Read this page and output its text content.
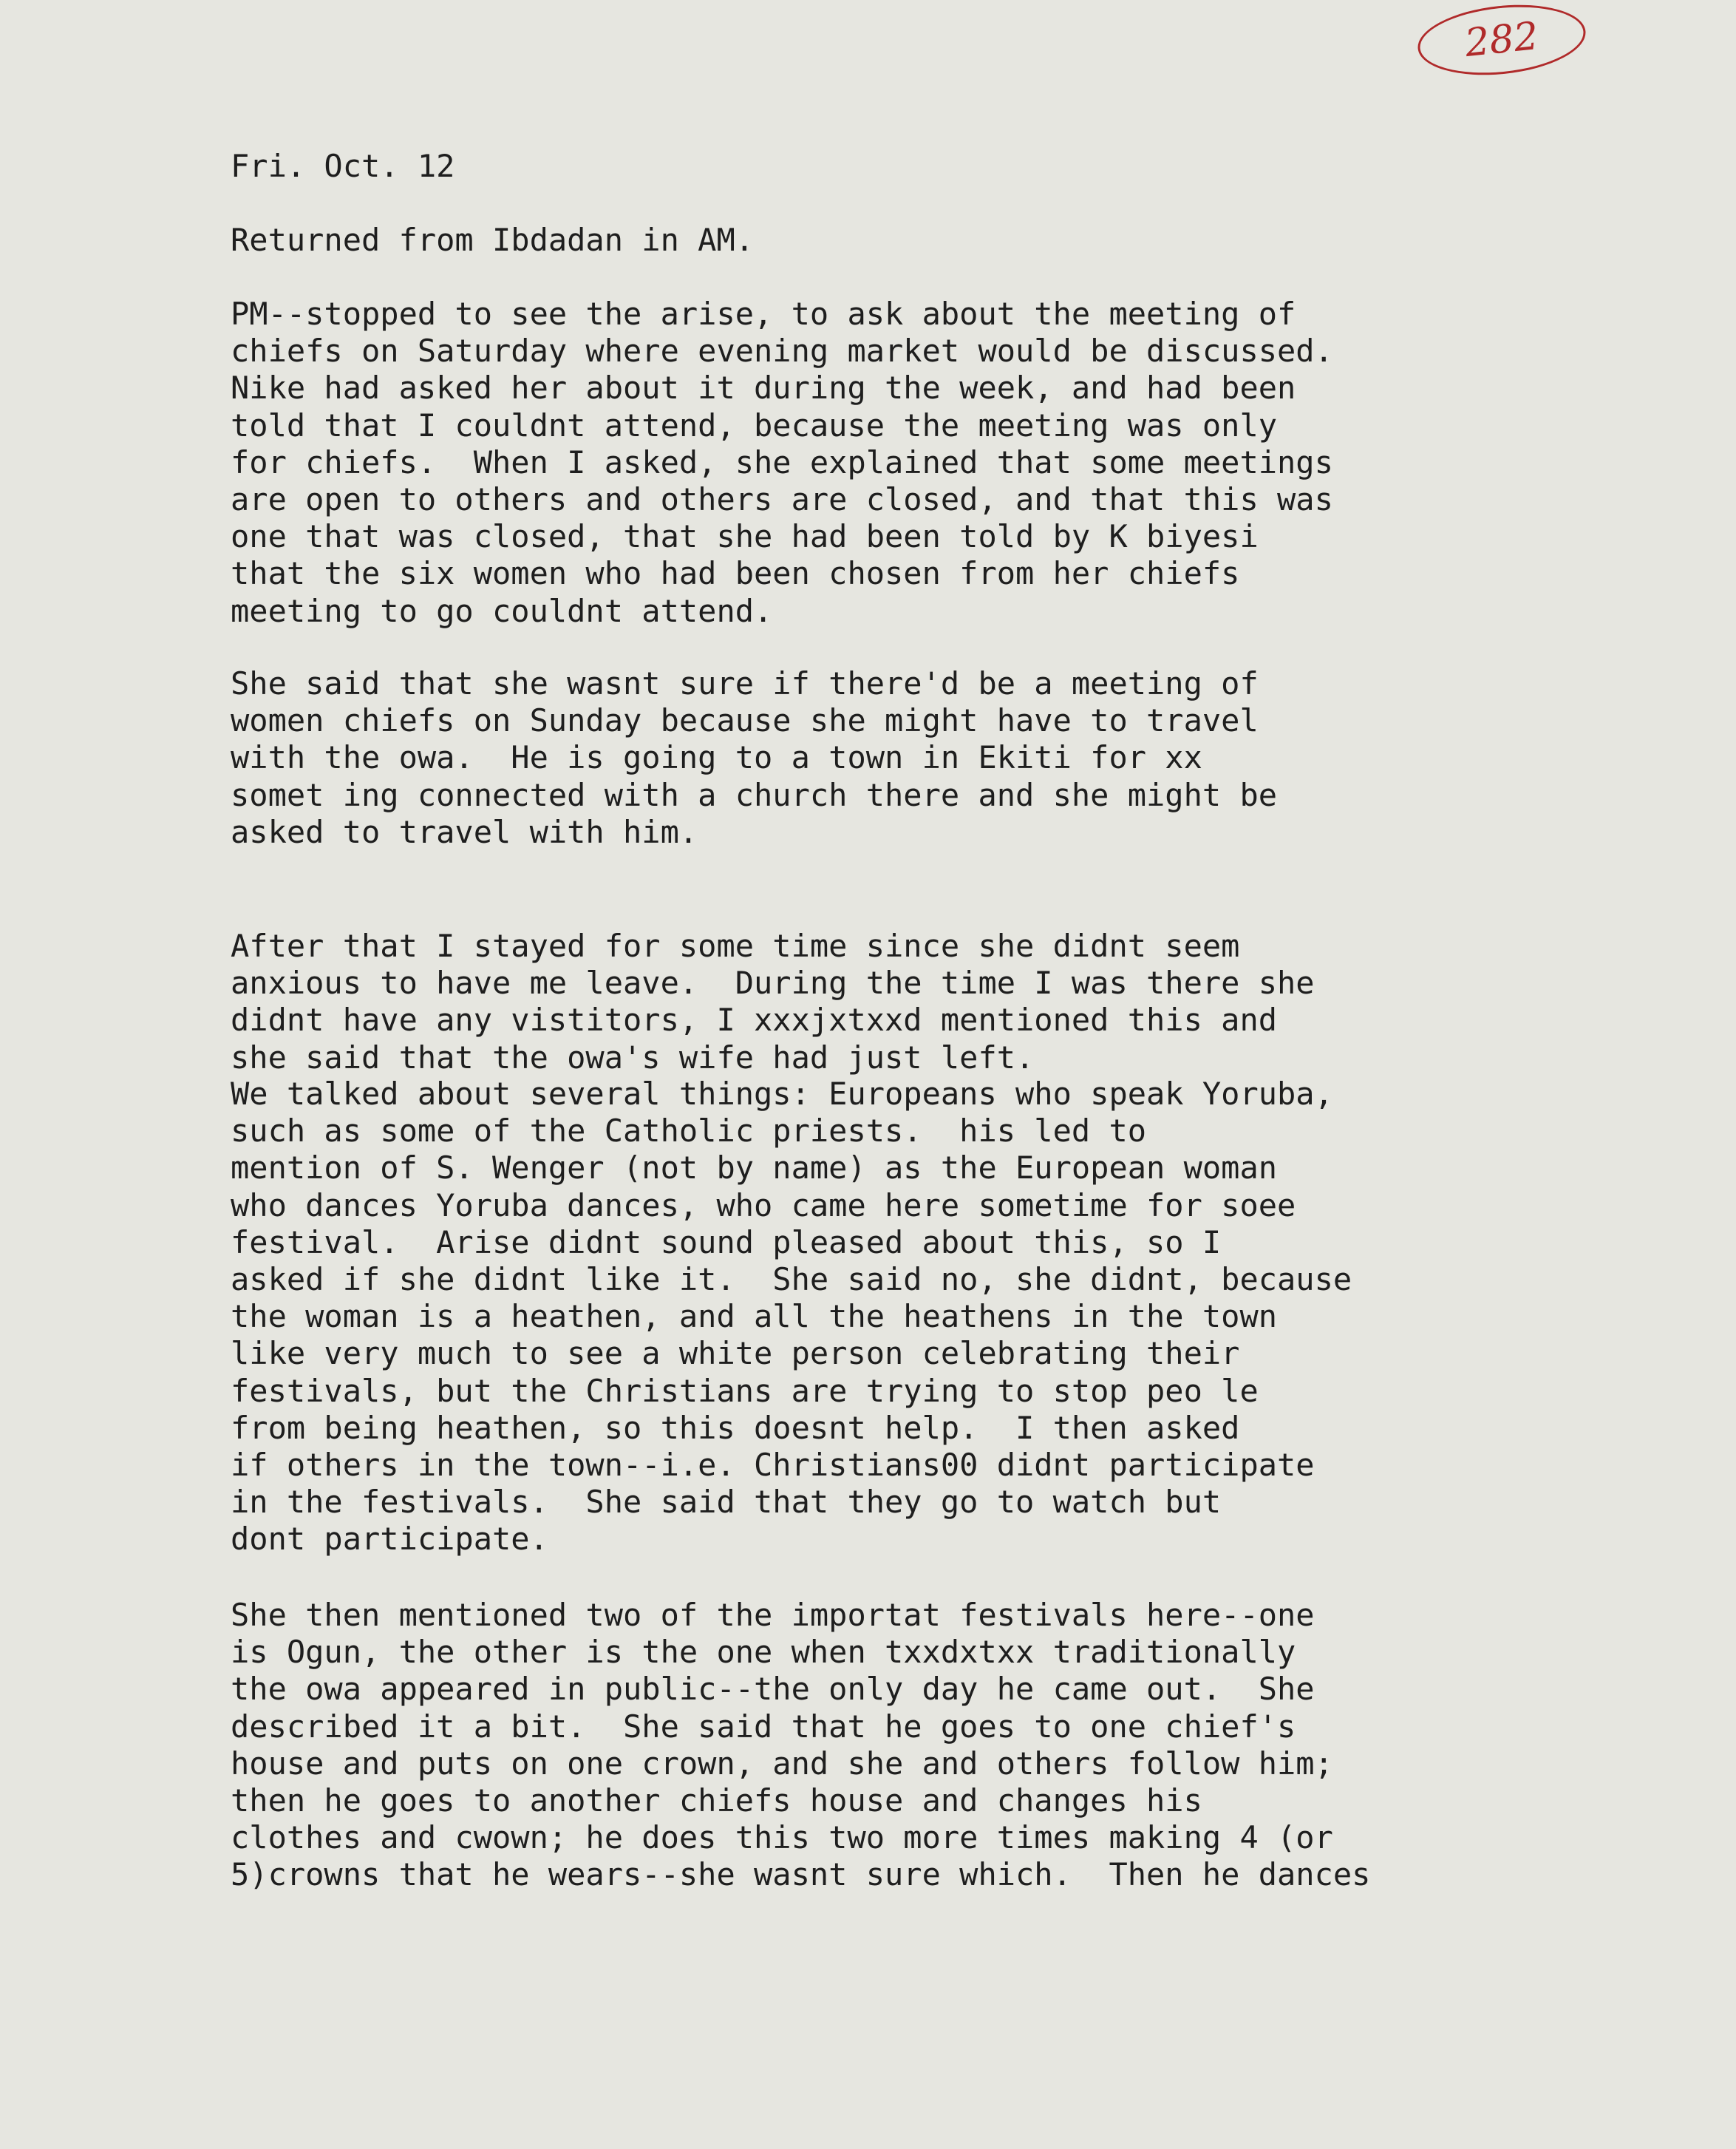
282

Fri. Oct. 12

Returned from Ibdadan in AM.
PM--stopped to see the arise, to ask about the meeting of
chiefs on Saturday where evening market would be discussed.
Nike had asked her about it during the week, and had been
told that I couldnt attend, because the meeting was only
for chiefs.  When I asked, she explained that some meetings
are open to others and others are closed, and that this was
one that was closed, that she had been told by K biyesi
that the six women who had been chosen from her chiefs
meeting to go couldnt attend.
She said that she wasnt sure if there'd be a meeting of
women chiefs on Sunday because she might have to travel
with the owa.  He is going to a town in Ekiti for xx
somet ing connected with a church there and she might be
asked to travel with him.
After that I stayed for some time since she didnt seem
anxious to have me leave.  During the time I was there she
didnt have any vistitors, I xxxjxtxxd mentioned this and
she said that the owa's wife had just left.
We talked about several things: Europeans who speak Yoruba,
such as some of the Catholic priests.  his led to
mention of S. Wenger (not by name) as the European woman
who dances Yoruba dances, who came here sometime for soee
festival.  Arise didnt sound pleased about this, so I
asked if she didnt like it.  She said no, she didnt, because
the woman is a heathen, and all the heathens in the town
like very much to see a white person celebrating their
festivals, but the Christians are trying to stop peo le
from being heathen, so this doesnt help.  I then asked
if others in the town--i.e. Christians00 didnt participate
in the festivals.  She said that they go to watch but
dont participate.
She then mentioned two of the importat festivals here--one
is Ogun, the other is the one when txxdxtxx traditionally
the owa appeared in public--the only day he came out.  She
described it a bit.  She said that he goes to one chief's
house and puts on one crown, and she and others follow him;
then he goes to another chiefs house and changes his
clothes and cwown; he does this two more times making 4 (or
5)crowns that he wears--she wasnt sure which.  Then he dances
